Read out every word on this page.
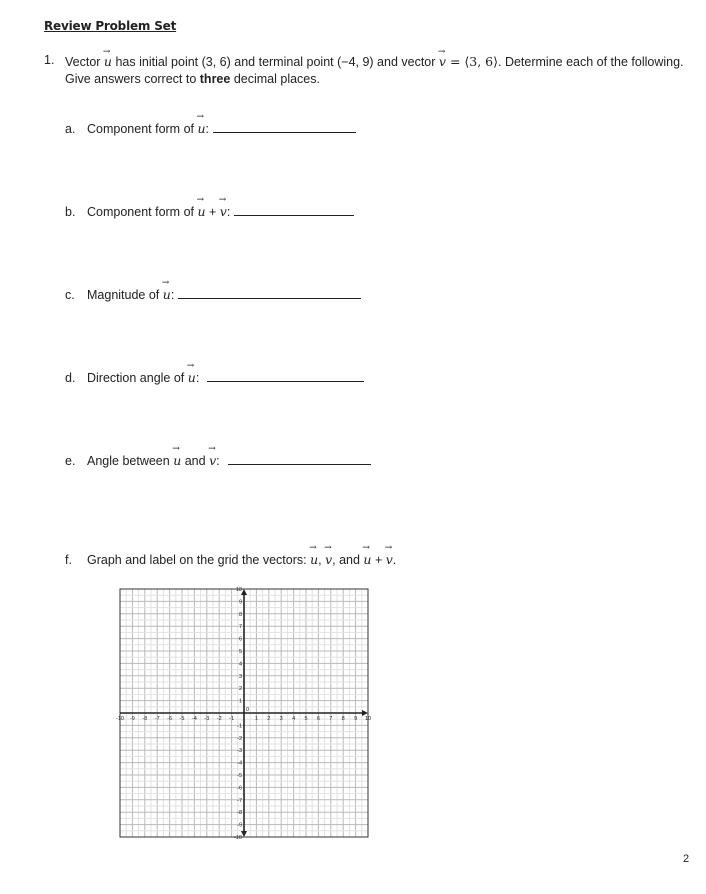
Review Problem Set
1. Vector → u has initial point (3, 6) and terminal point (−4, 9) and vector → v = ⟨3, 6⟩. Determine each of the following. Give answers correct to three decimal places.
a. Component form of → u:
b. Component form of → u + → v:
c. Magnitude of → u:
d. Direction angle of → u:
e. Angle between → u and → v:
f. Graph and label on the grid the vectors: → u, → v, and → u + → v.
-10 -9 -8 -7 -6 -5 -4 -3 -2 -1	1 2 3 4 5 6 7 8 9 10
10
9
8
7
6
5
4
3
2
1
-1
-2
-3
-4
-5
-6
-7
-8
-9
-10
0
2
